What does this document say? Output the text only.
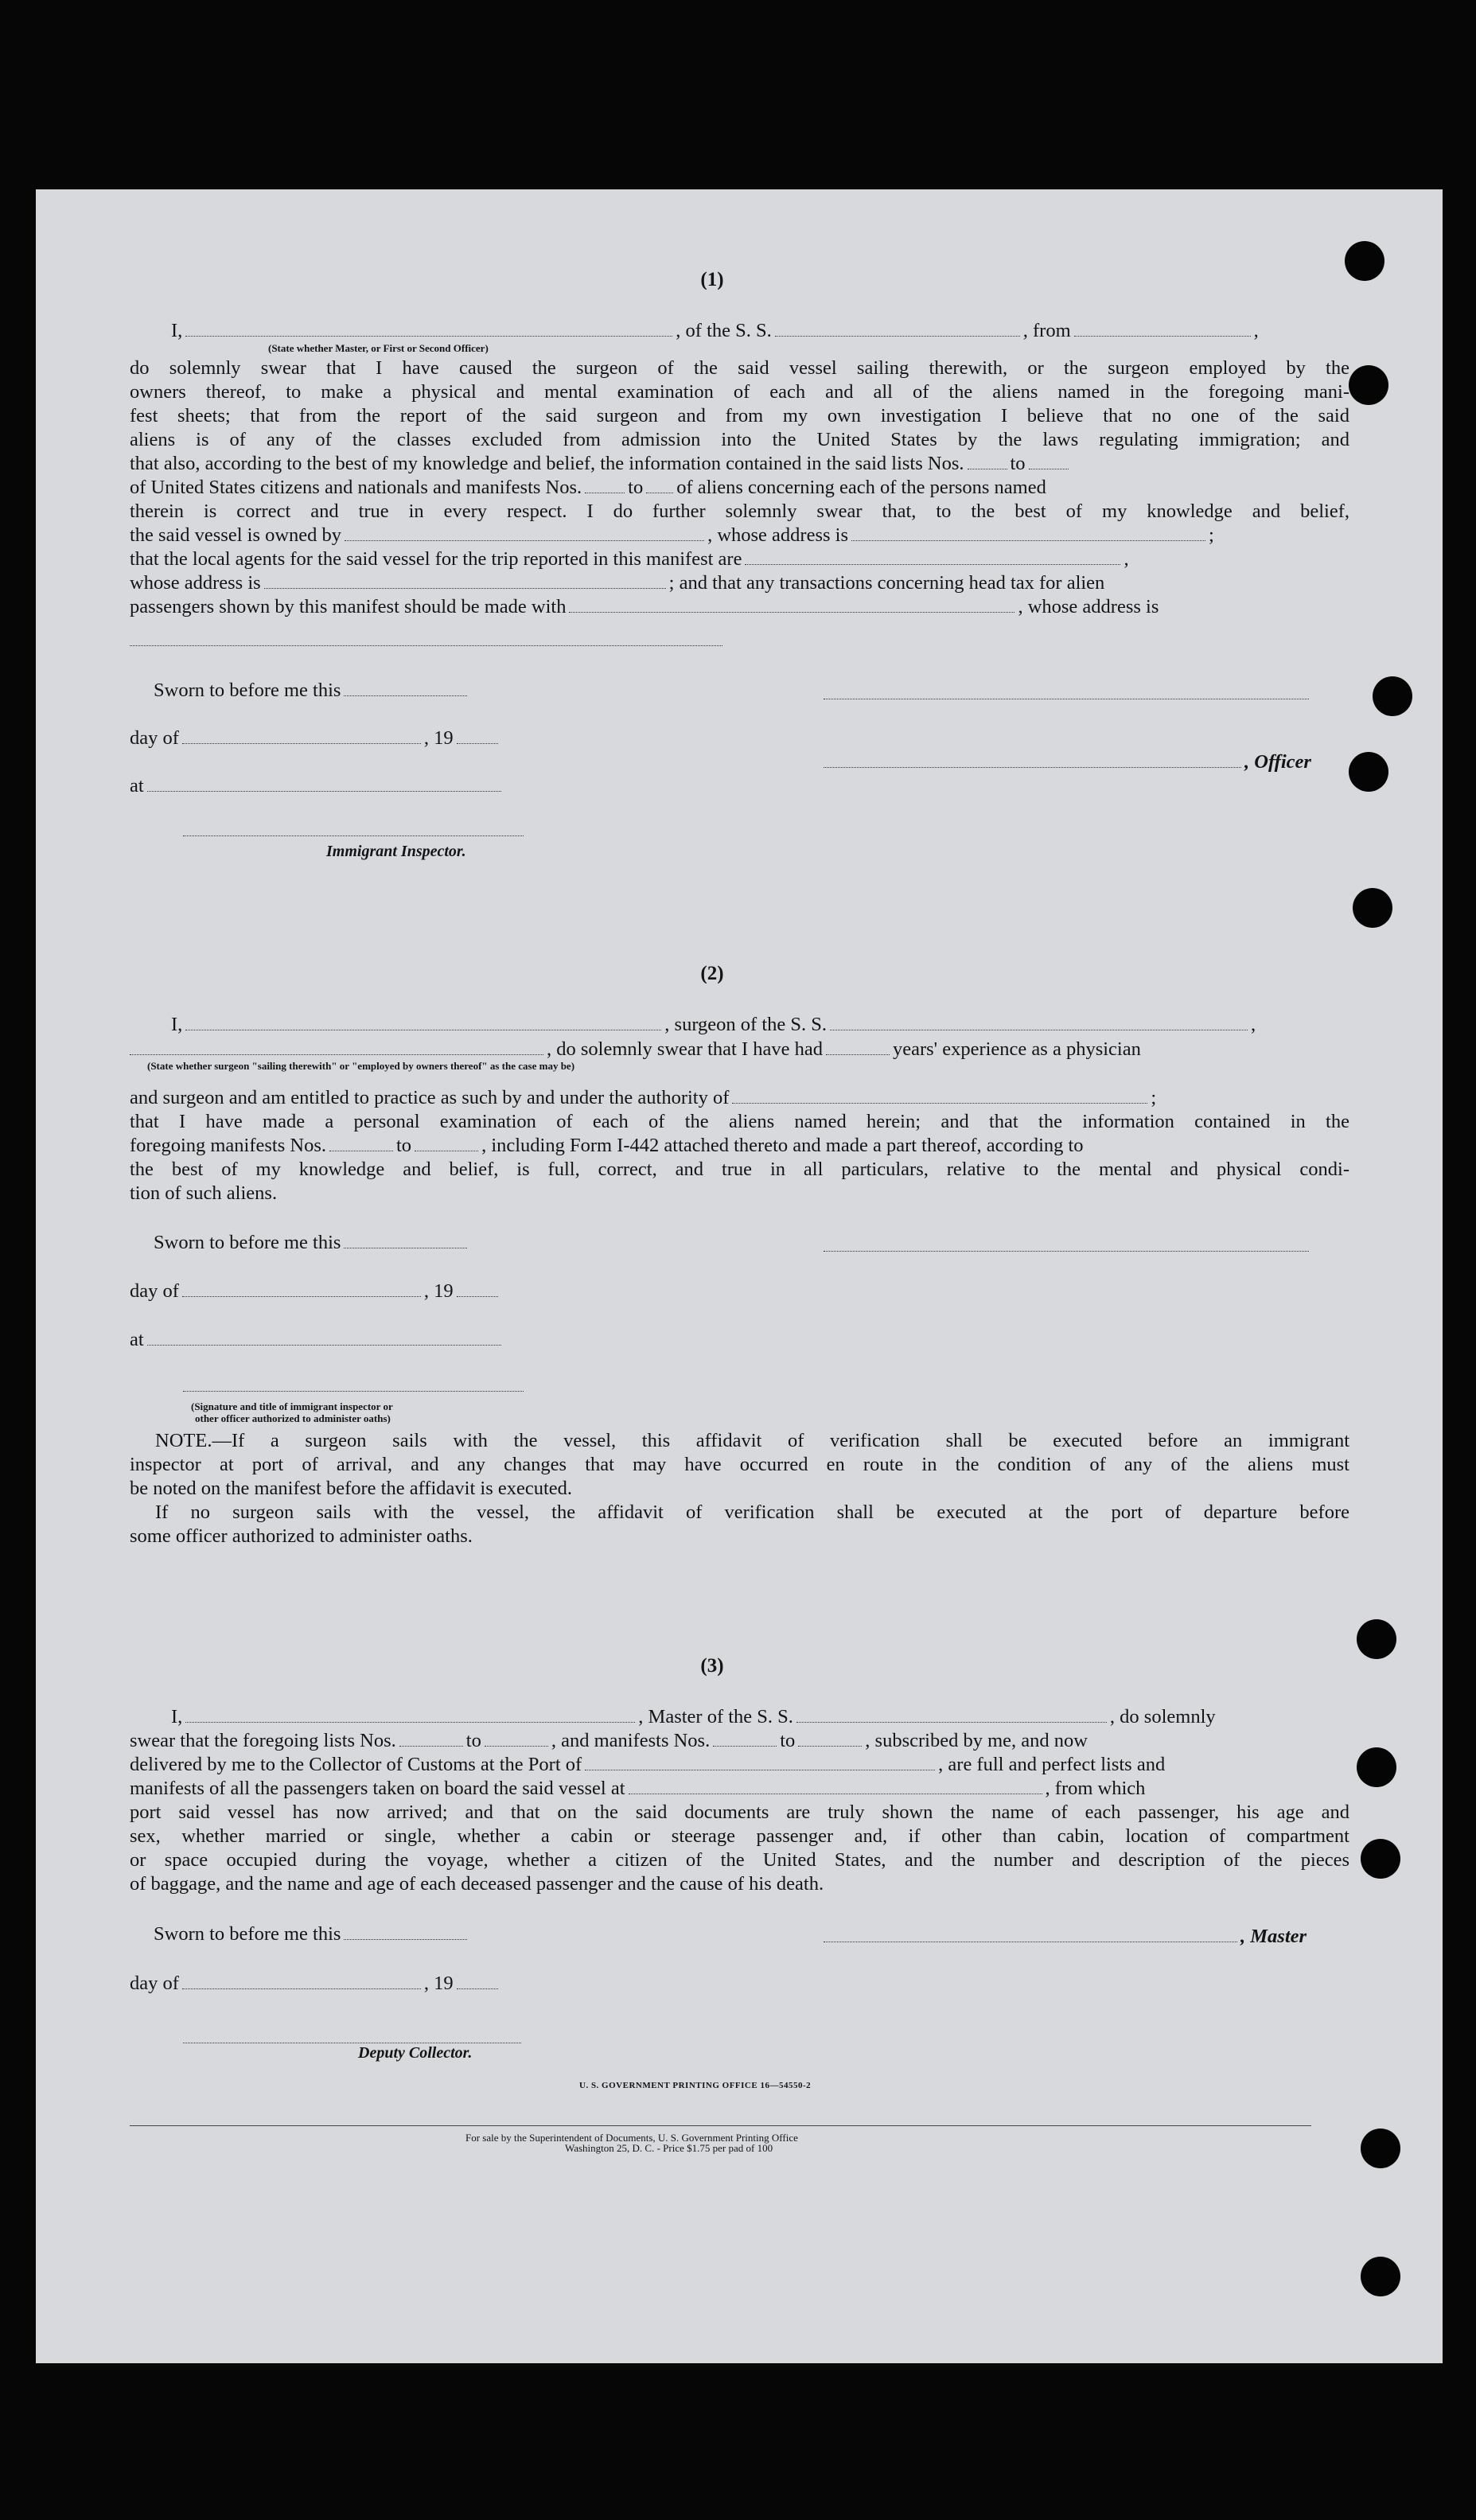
(1)
I,	, of the S. S.	, from	,
(State whether Master, or First or Second Officer)
do solemnly swear that I have caused the surgeon of the said vessel sailing therewith, or the surgeon employed by the
owners thereof, to make a physical and mental examination of each and all of the aliens named in the foregoing mani-
fest sheets; that from the report of the said surgeon and from my own investigation I believe that no one of the said
aliens is of any of the classes excluded from admission into the United States by the laws regulating immigration; and
that also, according to the best of my knowledge and belief, the information contained in the said lists Nos. to
of United States citizens and nationals and manifests Nos. to of aliens concerning each of the persons named
therein is correct and true in every respect. I do further solemnly swear that, to the best of my knowledge and belief,
the said vessel is owned by	, whose address is	;
that the local agents for the said vessel for the trip reported in this manifest are	,
whose address is	; and that any transactions concerning head tax for alien
passengers shown by this manifest should be made with	, whose address is
Sworn to before me this
day of	, 19
, Officer
at
Immigrant Inspector.
(2)
I,	, surgeon of the S. S.	,
, do solemnly swear that I have had	years' experience as a physician
(State whether surgeon "sailing therewith" or "employed by owners thereof" as the case may be)
and surgeon and am entitled to practice as such by and under the authority of	;
that I have made a personal examination of each of the aliens named herein; and that the information contained in the
foregoing manifests Nos.	to	, including Form I-442 attached thereto and made a part thereof, according to
the best of my knowledge and belief, is full, correct, and true in all particulars, relative to the mental and physical condi-
tion of such aliens.
Sworn to before me this
day of	, 19
at
(Signature and title of immigrant inspector or
other officer authorized to administer oaths)
NOTE.—If a surgeon sails with the vessel, this affidavit of verification shall be executed before an immigrant
inspector at port of arrival, and any changes that may have occurred en route in the condition of any of the aliens must
be noted on the manifest before the affidavit is executed.
If no surgeon sails with the vessel, the affidavit of verification shall be executed at the port of departure before
some officer authorized to administer oaths.
(3)
I,	, Master of the S. S.	, do solemnly
swear that the foregoing lists Nos.	to	, and manifests Nos.	to	, subscribed by me, and now
delivered by me to the Collector of Customs at the Port of	, are full and perfect lists and
manifests of all the passengers taken on board the said vessel at	, from which
port said vessel has now arrived; and that on the said documents are truly shown the name of each passenger, his age and
sex, whether married or single, whether a cabin or steerage passenger and, if other than cabin, location of compartment
or space occupied during the voyage, whether a citizen of the United States, and the number and description of the pieces
of baggage, and the name and age of each deceased passenger and the cause of his death.
Sworn to before me this	, Master
day of	, 19
Deputy Collector.
U. S. GOVERNMENT PRINTING OFFICE 16—54550-2
For sale by the Superintendent of Documents, U. S. Government Printing Office
Washington 25, D. C. - Price $1.75 per pad of 100
